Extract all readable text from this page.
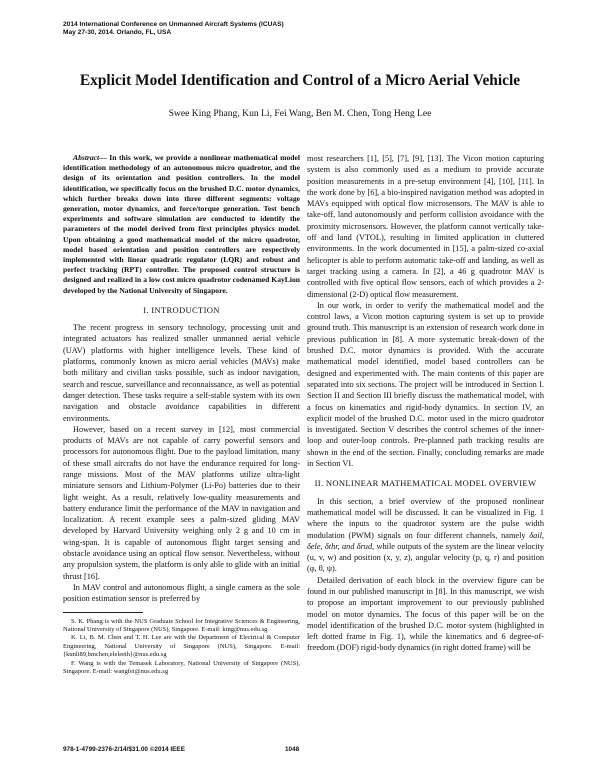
2014 International Conference on Unmanned Aircraft Systems (ICUAS)
May 27-30, 2014. Orlando, FL, USA
Explicit Model Identification and Control of a Micro Aerial Vehicle
Swee King Phang, Kun Li, Fei Wang, Ben M. Chen, Tong Heng Lee

Abstract— In this work, we provide a nonlinear mathematical model identification methodology of an autonomous micro quadrotor, and the design of its orientation and position controllers. In the model identification, we specifically focus on the brushed D.C. motor dynamics, which further breaks down into three different segments: voltage generation, motor dynamics, and force/torque generation. Test bench experiments and software simulation are conducted to identify the parameters of the model derived from first principles physics model. Upon obtaining a good mathematical model of the micro quadrotor, model based orientation and position controllers are respectively implemented with linear quadratic regulator (LQR) and robust and perfect tracking (RPT) controller. The proposed control structure is designed and realized in a low cost micro quadrotor codenamed KayLion developed by the National University of Singapore.

I. INTRODUCTION

The recent progress in sensory technology, processing unit and integrated actuators has realized smaller unmanned aerial vehicle (UAV) platforms with higher intelligence levels. These kind of platforms, commonly known as micro aerial vehicles (MAVs) make both military and civilian tasks possible, such as indoor navigation, search and rescue, surveillance and reconnaissance, as well as potential danger detection. These tasks require a self-stable system with its own navigation and obstacle avoidance capabilities in different environments.

However, based on a recent survey in [12], most commercial products of MAVs are not capable of carry powerful sensors and processors for autonomous flight. Due to the payload limitation, many of these small aircrafts do not have the endurance required for long-range missions. Most of the MAV platforms utilize ultra-light miniature sensors and Lithium-Polymer (Li-Po) batteries due to their light weight. As a result, relatively low-quality measurements and battery endurance limit the performance of the MAV in navigation and localization. A recent example sees a palm-sized gliding MAV developed by Harvard University weighing only 2 g and 10 cm in wing-span. It is capable of autonomous flight target sensing and obstacle avoidance using an optical flow sensor. Nevertheless, without any propulsion system, the platform is only able to glide with an initial thrust [16].

In MAV control and autonomous flight, a single camera as the sole position estimation sensor is preferred by

S. K. Phang is with the NUS Graduate School for Integrative Sciences & Engineering, National University of Singapore (NUS), Singapore. E-mail: king@nus.edu.sg

K. Li, B. M. Chen and T. H. Lee are with the Department of Electrical & Computer Engineering, National University of Singapore (NUS), Singapore. E-mail: {kunli89,bmchen,eleleeth}@nus.edu.sg

F. Wang is with the Temasek Laboratory, National University of Singapore (NUS), Singapore. E-mail: wangfei@nus.edu.sg

most researchers [1], [5], [7], [9], [13]. The Vicon motion capturing system is also commonly used as a medium to provide accurate position measurements in a pre-setup environment [4], [10], [11]. In the work done by [6], a bio-inspired navigation method was adopted in MAVs equipped with optical flow microsensors. The MAV is able to take-off, land autonomously and perform collision avoidance with the proximity microsensors. However, the platform cannot vertically take-off and land (VTOL), resulting in limited application in cluttered environments. In the work documented in [15], a palm-sized co-axial helicopter is able to perform automatic take-off and landing, as well as target tracking using a camera. In [2], a 46 g quadrotor MAV is controlled with five optical flow sensors, each of which provides a 2-dimensional (2-D) optical flow measurement.

In our work, in order to verify the mathematical model and the control laws, a Vicon motion capturing system is set up to provide ground truth. This manuscript is an extension of research work done in previous publication in [8]. A more systematic break-down of the brushed D.C. motor dynamics is provided. With the accurate mathematical model identified, model based controllers can be designed and experimented with. The main contents of this paper are separated into six sections. The project will be introduced in Section I. Section II and Section III briefly discuss the mathematical model, with a focus on kinematics and rigid-body dynamics. In section IV, an explicit model of the brushed D.C. motor used in the micro quadrotor is investigated. Section V describes the control schemes of the inner-loop and outer-loop controls. Pre-planned path tracking results are shown in the end of the section. Finally, concluding remarks are made in Section VI.

II. NONLINEAR MATHEMATICAL MODEL OVERVIEW

In this section, a brief overview of the proposed nonlinear mathematical model will be discussed. It can be visualized in Fig. 1 where the inputs to the quadrotor system are the pulse width modulation (PWM) signals on four different channels, namely δail, δele, δthr, and δrud, while outputs of the system are the linear velocity (u, v, w) and position (x, y, z), angular velocity (p, q, r) and position (φ, θ, ψ).

Detailed derivation of each block in the overview figure can be found in our published manuscript in [8]. In this manuscript, we wish to propose an important improvement to our previously published model on motor dynamics. The focus of this paper will be on the model identification of the brushed D.C. motor system (highlighted in left dotted frame in Fig. 1), while the kinematics and 6 degree-of-freedom (DOF) rigid-body dynamics (in right dotted frame) will be

978-1-4799-2376-2/14/$31.00 ©2014 IEEE	1048
